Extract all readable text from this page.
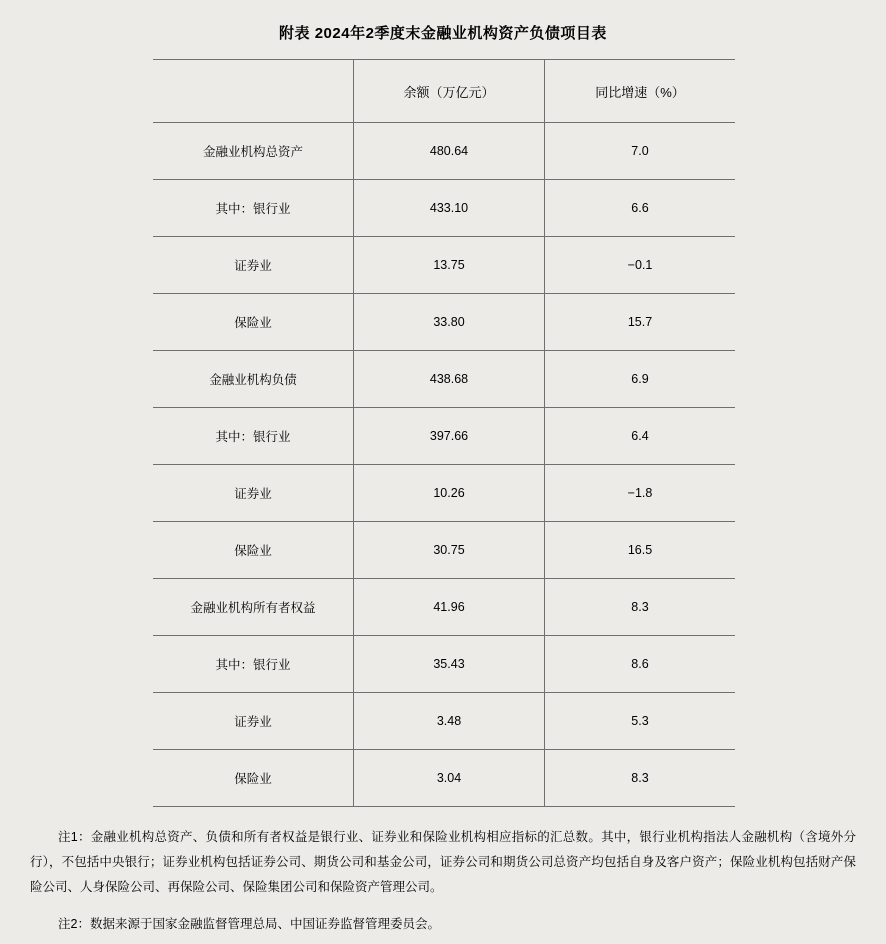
附表 2024年2季度末金融业机构资产负债项目表
	余额（万亿元）	同比增速（%）
金融业机构总资产	480.64	7.0
其中：银行业	433.10	6.6
证券业	13.75	−0.1
保险业	33.80	15.7
金融业机构负债	438.68	6.9
其中：银行业	397.66	6.4
证券业	10.26	−1.8
保险业	30.75	16.5
金融业机构所有者权益	41.96	8.3
其中：银行业	35.43	8.6
证券业	3.48	5.3
保险业	3.04	8.3
注1：金融业机构总资产、负债和所有者权益是银行业、证券业和保险业机构相应指标的汇总数。其中，银行业机构指法人金融机构（含境外分行），不包括中央银行；证券业机构包括证券公司、期货公司和基金公司，证券公司和期货公司总资产均包括自身及客户资产；保险业机构包括财产保险公司、人身保险公司、再保险公司、保险集团公司和保险资产管理公司。
注2：数据来源于国家金融监督管理总局、中国证券监督管理委员会。
